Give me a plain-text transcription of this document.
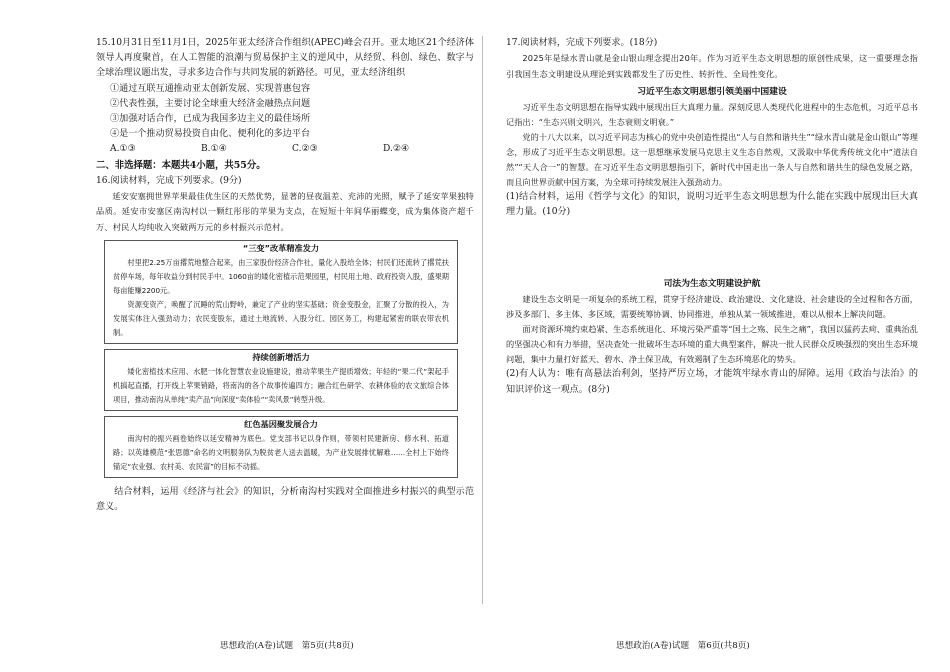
15.10月31日至11月1日，2025年亚太经济合作组织(APEC)峰会召开。亚太地区21个经济体领导人再度聚首，在人工智能的浪潮与贸易保护主义的逆风中，从经贸、科创、绿色、数字与全球治理议题出发，寻求多边合作与共同发展的新路径。可见，亚太经济组织

①通过互联互通推动亚太创新发展、实现普惠包容

②代表性强，主要讨论全球重大经济金融热点问题

③加强对话合作，已成为我国多边主义的最佳场所

④是一个推动贸易投资自由化、便利化的多边平台

A.①③	B.①④	C.②③	D.②④

二、非选择题：本题共4小题，共55分。

16.阅读材料，完成下列要求。(9分)

延安安塞拥世界苹果最佳优生区的天然优势，显著的昼夜温差、充沛的光照，赋予了延安苹果独特品质。延安市安塞区南沟村以一颗红彤彤的苹果为支点，在短短十年间华丽蝶变，成为集体资产超千万、村民人均纯收入突破两万元的乡村振兴示范村。

“三变”改革精准发力

村里把2.25万亩撂荒地整合起来，由三家股份经济合作社，量化入股给全体；村民们还流转了撂荒扶贫停车场，每年收益分到村民手中。1060亩的矮化密植示范果园里，村民用土地、政府投资入股，盛果期每亩能赚2200元。

资源变资产，唤醒了沉睡的荒山野岭，兼定了产业的坚实基础；资金变股金，汇聚了分散的投入，为发展实体注入强劲动力；农民变股东，通过土地流转、入股分红、园区务工，构建起紧密的联农带农机制。

持续创新增活力

矮化密植技术应用、水肥一体化智慧农业设施建设，推动苹果生产提质增效；年轻的“果二代”架起手机搞起直播，打开线上苹果销路，将南沟的各个故事传遍四方；融合红色研学、农耕体验的农文旅综合体项目，推动南沟从单纯“卖产品”向深度“卖体验”“卖风景”转型升级。

红色基因聚发展合力

南沟村的振兴画卷始终以延安精神为底色。党支部书记以身作则，带领村民建新房、修水利、拓道路；以英雄模范“张思德”命名的文明服务队为脱贫老人送去温暖，为产业发展排忧解难……全村上下始终锚定“农业强、农村美、农民富”的目标不动摇。

结合材料，运用《经济与社会》的知识，分析南沟村实践对全面推进乡村振兴的典型示范意义。

思想政治(A卷)试题　第5页(共8页)

17.阅读材料，完成下列要求。(18分)

2025年是绿水青山就是金山银山理念提出20年。作为习近平生态文明思想的原创性成果，这一重要理念指引我国生态文明建设从理论到实践都发生了历史性、转折性、全局性变化。

习近平生态文明思想引领美丽中国建设

习近平生态文明思想在指导实践中展现出巨大真理力量。深刻反思人类现代化进程中的生态危机，习近平总书记指出：“生态兴则文明兴，生态衰则文明衰。”

党的十八大以来，以习近平同志为核心的党中央创造性提出“人与自然和谐共生”“绿水青山就是金山银山”等理念，形成了习近平生态文明思想。这一思想继承发展马克思主义生态自然观，又汲取中华优秀传统文化中“道法自然”“天人合一”的智慧。在习近平生态文明思想指引下，新时代中国走出一条人与自然和谐共生的绿色发展之路，而且向世界贡献中国方案，为全球可持续发展注入强劲动力。

(1)结合材料，运用《哲学与文化》的知识，说明习近平生态文明思想为什么能在实践中展现出巨大真理力量。(10分)

司法为生态文明建设护航

建设生态文明是一项复杂的系统工程，贯穿于经济建设、政治建设、文化建设、社会建设的全过程和各方面，涉及多部门、多主体、多区域，需要统筹协调、协同推进，单独从某一领域推进，难以从根本上解决问题。

面对资源环境约束趋紧、生态系统退化、环境污染严重等“国土之殇、民生之痛”，我国以猛药去疴、重典治乱的坚强决心和有力举措，坚决查处一批破坏生态环境的重大典型案件，解决一批人民群众反映强烈的突出生态环境问题，集中力量打好蓝天、碧水、净土保卫战，有效遏制了生态环境恶化的势头。

(2)有人认为：唯有高悬法治利剑，坚持严厉立场，才能筑牢绿水青山的屏障。运用《政治与法治》的知识评价这一观点。(8分)

思想政治(A卷)试题　第6页(共8页)
